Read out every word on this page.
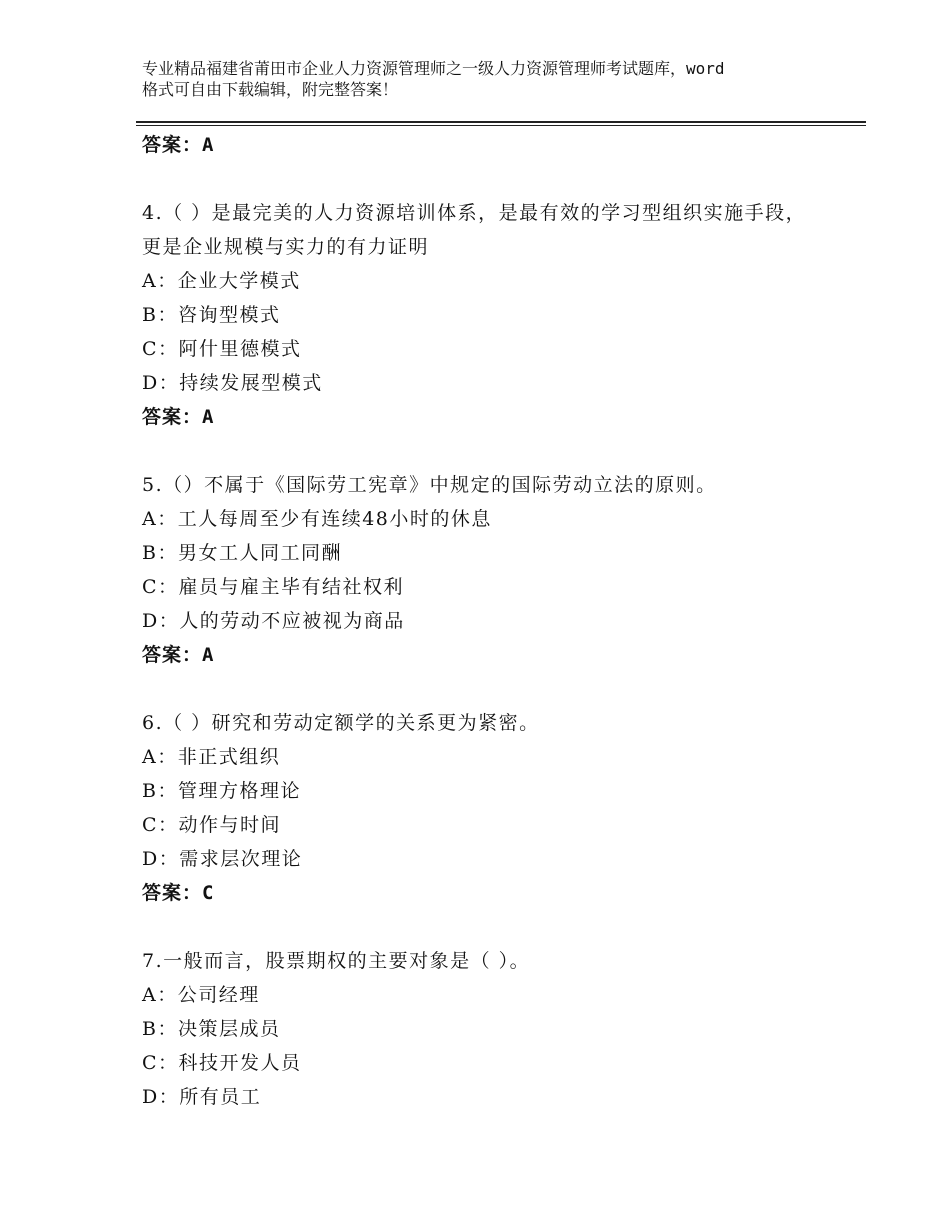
专业精品福建省莆田市企业人力资源管理师之一级人力资源管理师考试题库，word
格式可自由下载编辑，附完整答案！
答案：A
4.（ ）是最完美的人力资源培训体系，是最有效的学习型组织实施手段，更是企业规模与实力的有力证明
A：企业大学模式
B：咨询型模式
C：阿什里德模式
D：持续发展型模式
答案：A
5.（）不属于《国际劳工宪章》中规定的国际劳动立法的原则。
A：工人每周至少有连续48小时的休息
B：男女工人同工同酬
C：雇员与雇主毕有结社权利
D：人的劳动不应被视为商品
答案：A
6.（ ）研究和劳动定额学的关系更为紧密。
A：非正式组织
B：管理方格理论
C：动作与时间
D：需求层次理论
答案：C
7.一般而言，股票期权的主要对象是（ ）。
A：公司经理
B：决策层成员
C：科技开发人员
D：所有员工
